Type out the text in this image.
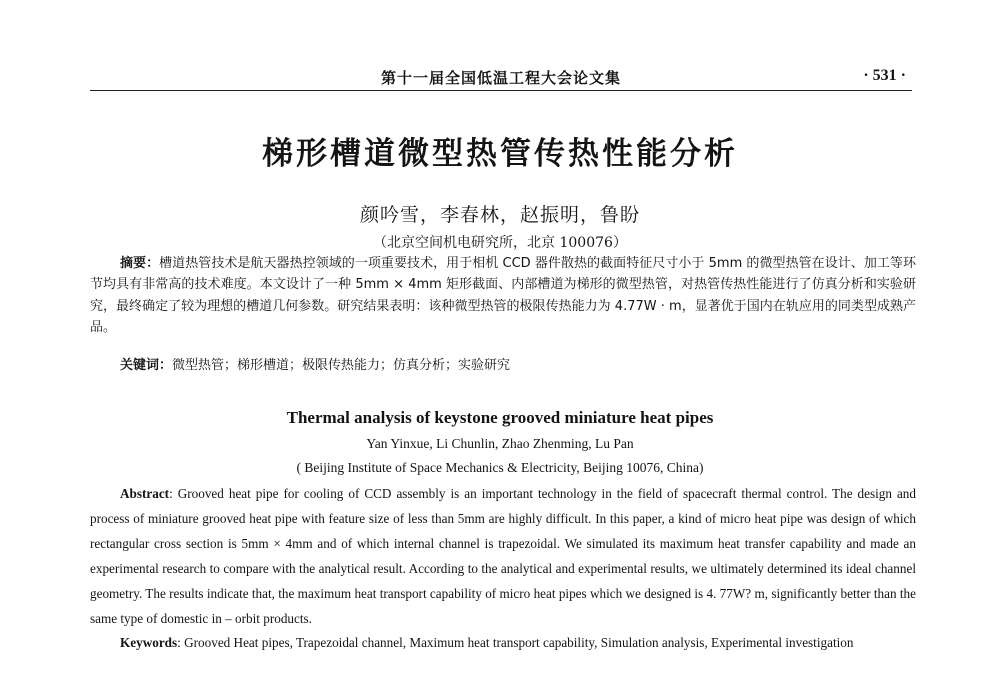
第十一届全国低温工程大会论文集	· 531 ·
梯形槽道微型热管传热性能分析
颜吟雪，李春林，赵振明，鲁盼
（北京空间机电研究所，北京 100076）
摘要：槽道热管技术是航天器热控领域的一项重要技术，用于相机 CCD 器件散热的截面特征尺寸小于 5mm 的微型热管在设计、加工等环节均具有非常高的技术难度。本文设计了一种 5mm × 4mm 矩形截面、内部槽道为梯形的微型热管，对热管传热性能进行了仿真分析和实验研究，最终确定了较为理想的槽道几何参数。研究结果表明：该种微型热管的极限传热能力为 4.77W · m，显著优于国内在轨应用的同类型成熟产品。
关键词：微型热管；梯形槽道；极限传热能力；仿真分析；实验研究
Thermal analysis of keystone grooved miniature heat pipes
Yan Yinxue, Li Chunlin, Zhao Zhenming, Lu Pan
( Beijing Institute of Space Mechanics & Electricity, Beijing 10076, China)
Abstract: Grooved heat pipe for cooling of CCD assembly is an important technology in the field of spacecraft thermal control. The design and process of miniature grooved heat pipe with feature size of less than 5mm are highly difficult. In this paper, a kind of micro heat pipe was design of which rectangular cross section is 5mm × 4mm and of which internal channel is trapezoidal. We simulated its maximum heat transfer capability and made an experimental research to compare with the analytical result. According to the analytical and experimental results, we ultimately determined its ideal channel geometry. The results indicate that, the maximum heat transport capability of micro heat pipes which we designed is 4. 77W? m, significantly better than the same type of domestic in – orbit products.
Keywords: Grooved Heat pipes, Trapezoidal channel, Maximum heat transport capability, Simulation analysis, Experimental investigation
